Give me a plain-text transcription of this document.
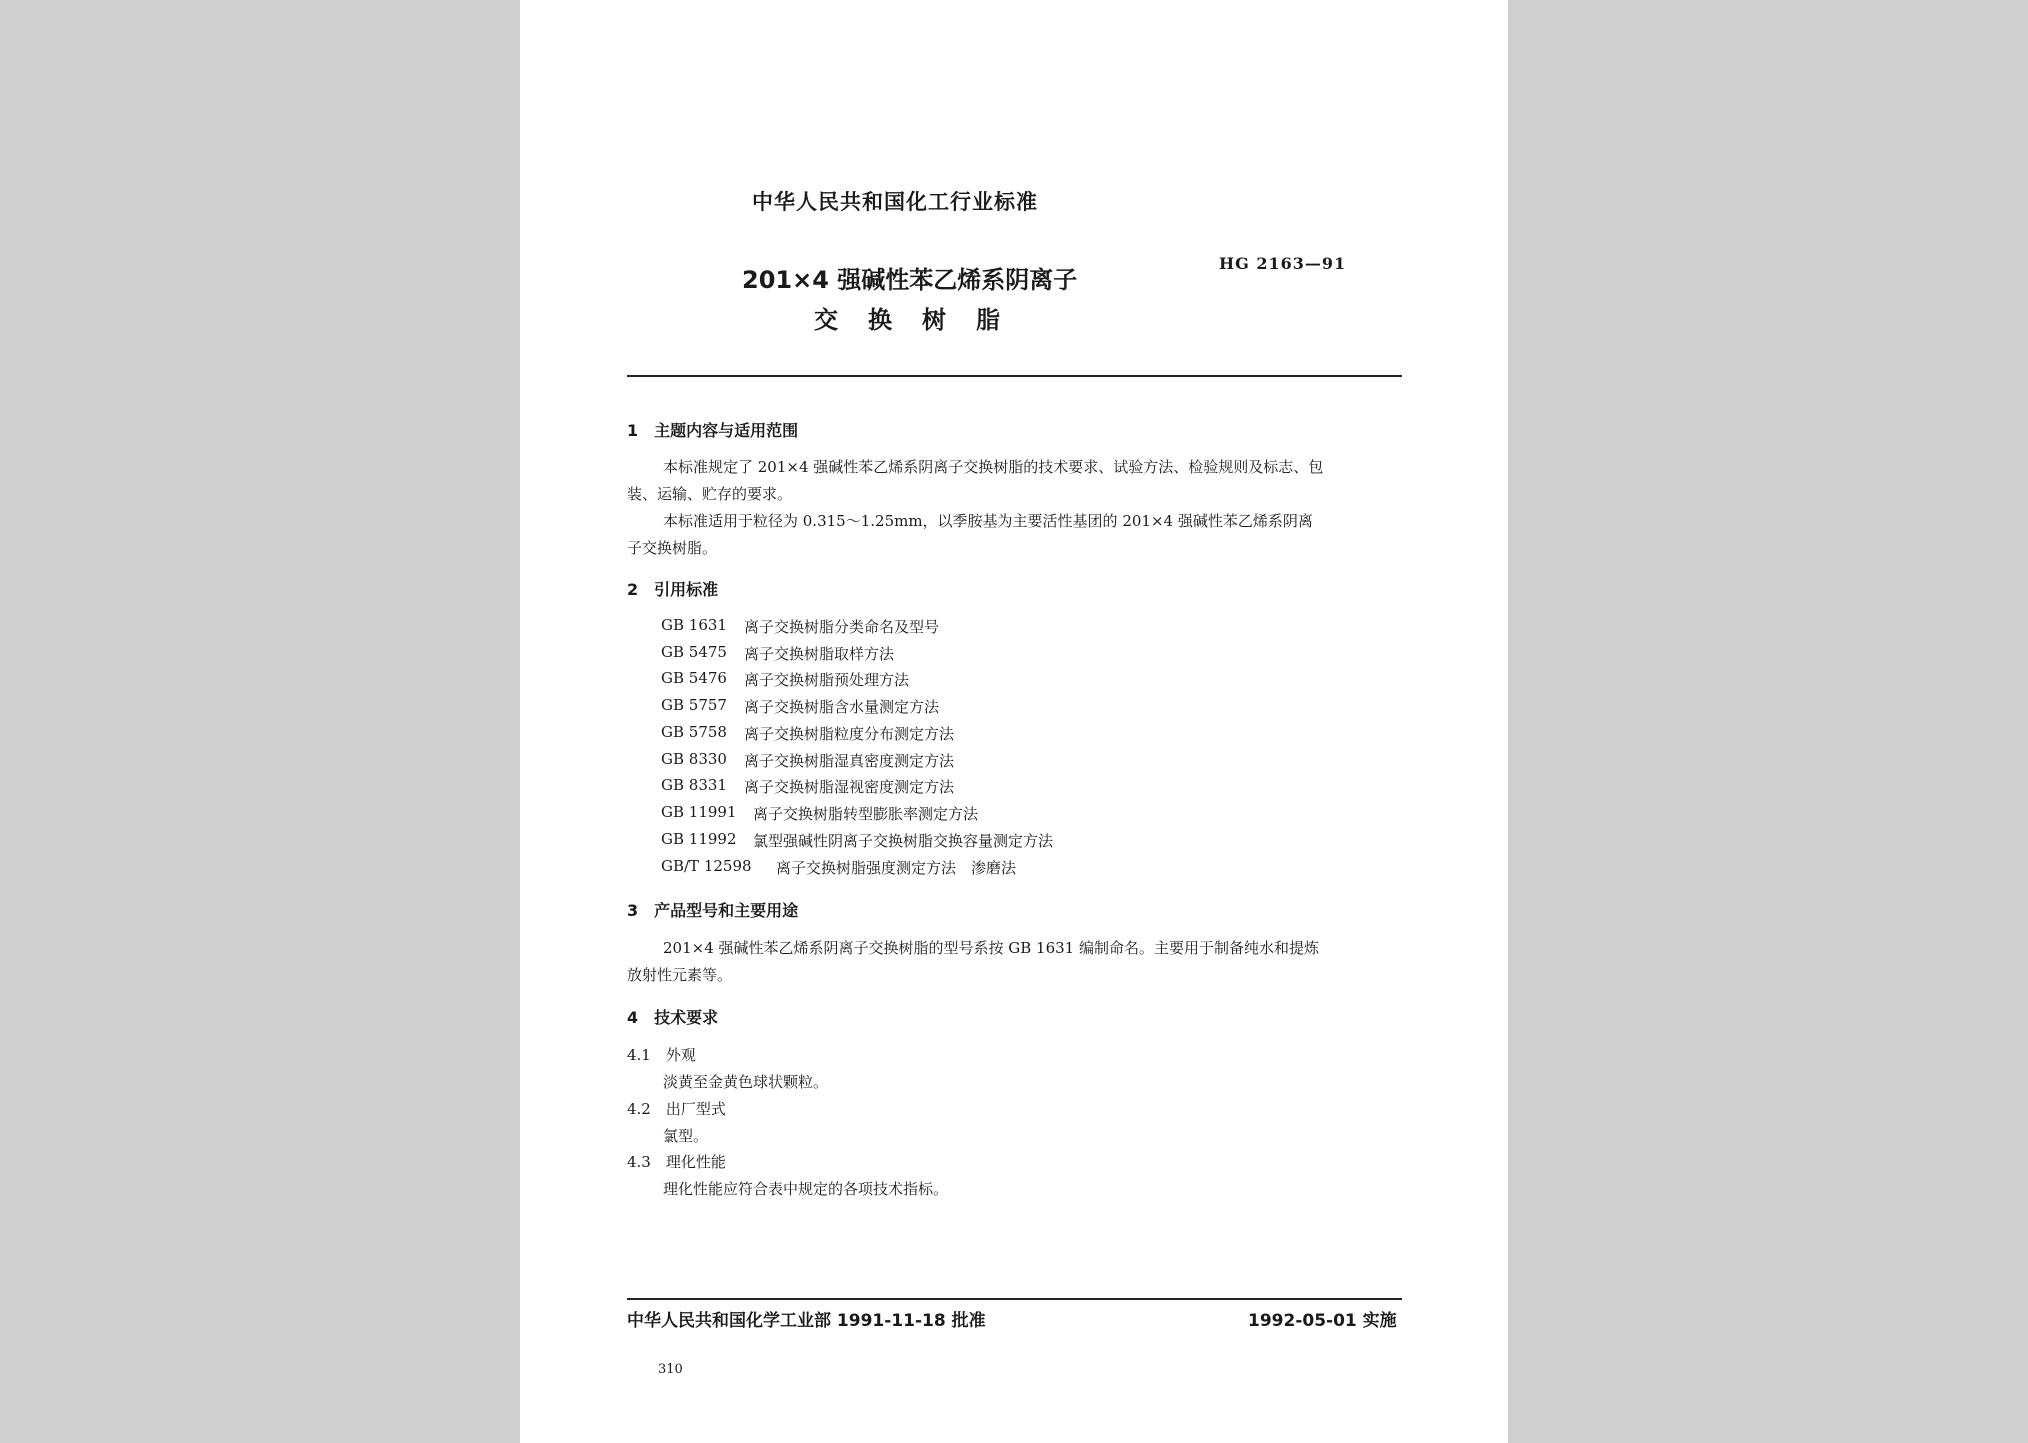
中华人民共和国化工行业标准
201×4 强碱性苯乙烯系阴离子
HG 2163—91
交换树脂
1　主题内容与适用范围
本标准规定了 201×4 强碱性苯乙烯系阴离子交换树脂的技术要求、试验方法、检验规则及标志、包
装、运输、贮存的要求。
本标准适用于粒径为 0.315～1.25mm，以季胺基为主要活性基团的 201×4 强碱性苯乙烯系阴离
子交换树脂。
2　引用标准
GB 1631 离子交换树脂分类命名及型号
GB 5475 离子交换树脂取样方法
GB 5476 离子交换树脂预处理方法
GB 5757 离子交换树脂含水量测定方法
GB 5758 离子交换树脂粒度分布测定方法
GB 8330 离子交换树脂湿真密度测定方法
GB 8331 离子交换树脂湿视密度测定方法
GB 11991 离子交换树脂转型膨胀率测定方法
GB 11992 氯型强碱性阴离子交换树脂交换容量测定方法
GB/T 12598 离子交换树脂强度测定方法　渗磨法
3　产品型号和主要用途
201×4 强碱性苯乙烯系阴离子交换树脂的型号系按 GB 1631 编制命名。主要用于制备纯水和提炼
放射性元素等。
4　技术要求
4.1　外观
淡黄至金黄色球状颗粒。
4.2　出厂型式
氯型。
4.3　理化性能
理化性能应符合表中规定的各项技术指标。
中华人民共和国化学工业部 1991-11-18 批准	1992-05-01 实施
310
